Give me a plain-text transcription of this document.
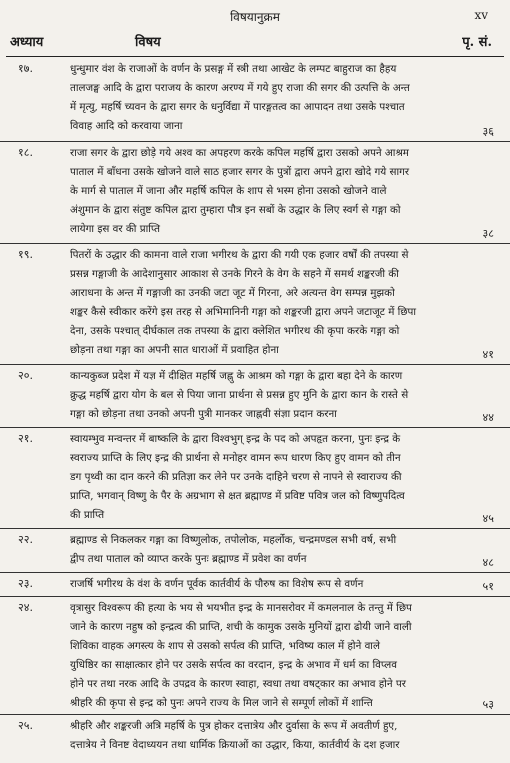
विषयानुक्रम	xv
अध्याय	विषय	पृ. सं.
१७.	धुन्धुमार वंश के राजाओं के वर्णन के प्रसङ्ग में स्त्री तथा आखेट के लम्पट बाहुराज का हैहय
तालजङ्घ आदि के द्वारा पराजय के कारण अरण्य में गये हुए राजा की सगर की उत्पत्ति के अन्त
में मृत्यु, महर्षि च्यवन के द्वारा सगर के धनुर्विद्या में पारङ्गतत्व का आपादन तथा उसके पश्चात
विवाह आदि को करवाया जाना	३६
१८.	राजा सगर के द्वारा छोड़े गये अश्व का अपहरण करके कपिल महर्षि द्वारा उसको अपने आश्रम
पाताल में बाँधना उसके खोजने वाले साठ हजार सगर के पुत्रों द्वारा अपने द्वारा खोदे गये सागर
के मार्ग से पाताल में जाना और महर्षि कपिल के शाप से भस्म होना उसको खोजने वाले
अंशुमान के द्वारा संतुष्ट कपिल द्वारा तुम्हारा पौत्र इन सबों के उद्धार के लिए स्वर्ग से गङ्गा को
लायेगा इस वर की प्राप्ति	३८
१९.	पितरों के उद्धार की कामना वाले राजा भगीरथ के द्वारा की गयी एक हजार वर्षों की तपस्या से
प्रसन्न गङ्गाजी के आदेशानुसार आकाश से उनके गिरने के वेग के सहने में समर्थ शङ्करजी की
आराधना के अन्त में गङ्गाजी का उनकी जटा जूट में गिरना, अरे अत्यन्त वेग सम्पन्न मुझको
शङ्कर कैसे स्वीकार करेंगे इस तरह से अभिमानिनी गङ्गा को शङ्करजी द्वारा अपने जटाजूट में छिपा
देना, उसके पश्चात् दीर्घकाल तक तपस्या के द्वारा क्लेशित भगीरथ की कृपा करके गङ्गा को
छोड़ना तथा गङ्गा का अपनी सात धाराओं में प्रवाहित होना	४१
२०.	कान्यकुब्ज प्रदेश में यज्ञ में दीक्षित महर्षि जह्नु के आश्रम को गङ्गा के द्वारा बहा देने के कारण
क्रुद्ध महर्षि द्वारा योग के बल से पिया जाना प्रार्थना से प्रसन्न हुए मुनि के द्वारा कान के रास्ते से
गङ्गा को छोड़ना तथा उनको अपनी पुत्री मानकर जाह्नवी संज्ञा प्रदान करना	४४
२१.	स्वायम्भुव मन्वन्तर में बाष्कलि के द्वारा विश्वभुग् इन्द्र के पद को अपहृत करना, पुनः इन्द्र के
स्वराज्य प्राप्ति के लिए इन्द्र की प्रार्थना से मनोहर वामन रूप धारण किए हुए वामन को तीन
डग पृथ्वी का दान करने की प्रतिज्ञा कर लेने पर उनके दाहिने चरण से नापने से स्वाराज्य की
प्राप्ति, भगवान् विष्णु के पैर के अग्रभाग से क्षत ब्रह्माण्ड में प्रविष्ट पवित्र जल को विष्णुपदित्व
की प्राप्ति	४५
२२.	ब्रह्माण्ड से निकलकर गङ्गा का विष्णुलोक, तपोलोक, महर्लोक, चन्द्रमण्डल सभी वर्ष, सभी
द्वीप तथा पाताल को व्याप्त करके पुनः ब्रह्माण्ड में प्रवेश का वर्णन	४८
२३.	राजर्षि भगीरथ के वंश के वर्णन पूर्वक कार्तवीर्य के पौरुष का विशेष रूप से वर्णन	५१
२४.	वृत्रासुर विश्वरूप की हत्या के भय से भयभीत इन्द्र के मानसरोवर में कमलनाल के तन्तु में छिप
जाने के कारण नहुष को इन्द्रत्व की प्राप्ति, शची के कामुक उसके मुनियों द्वारा ढोयी जाने वाली
शिविका वाहक अगस्त्य के शाप से उसको सर्पत्व की प्राप्ति, भविष्य काल में होने वाले
युधिष्ठिर का साक्षात्कार होने पर उसके सर्पत्व का वरदान, इन्द्र के अभाव में धर्म का विप्लव
होने पर तथा नरक आदि के उपद्रव के कारण स्वाहा, स्वधा तथा वषट्कार का अभाव होने पर
श्रीहरि की कृपा से इन्द्र को पुनः अपने राज्य के मिल जाने से सम्पूर्ण लोकों में शान्ति	५३
२५.	श्रीहरि और शङ्करजी अत्रि महर्षि के पुत्र होकर दत्तात्रेय और दुर्वासा के रूप में अवतीर्ण हुए,
दत्तात्रेय ने विनष्ट वेदाध्ययन तथा धार्मिक क्रियाओं का उद्धार, किया, कार्तवीर्य के दश हजार
